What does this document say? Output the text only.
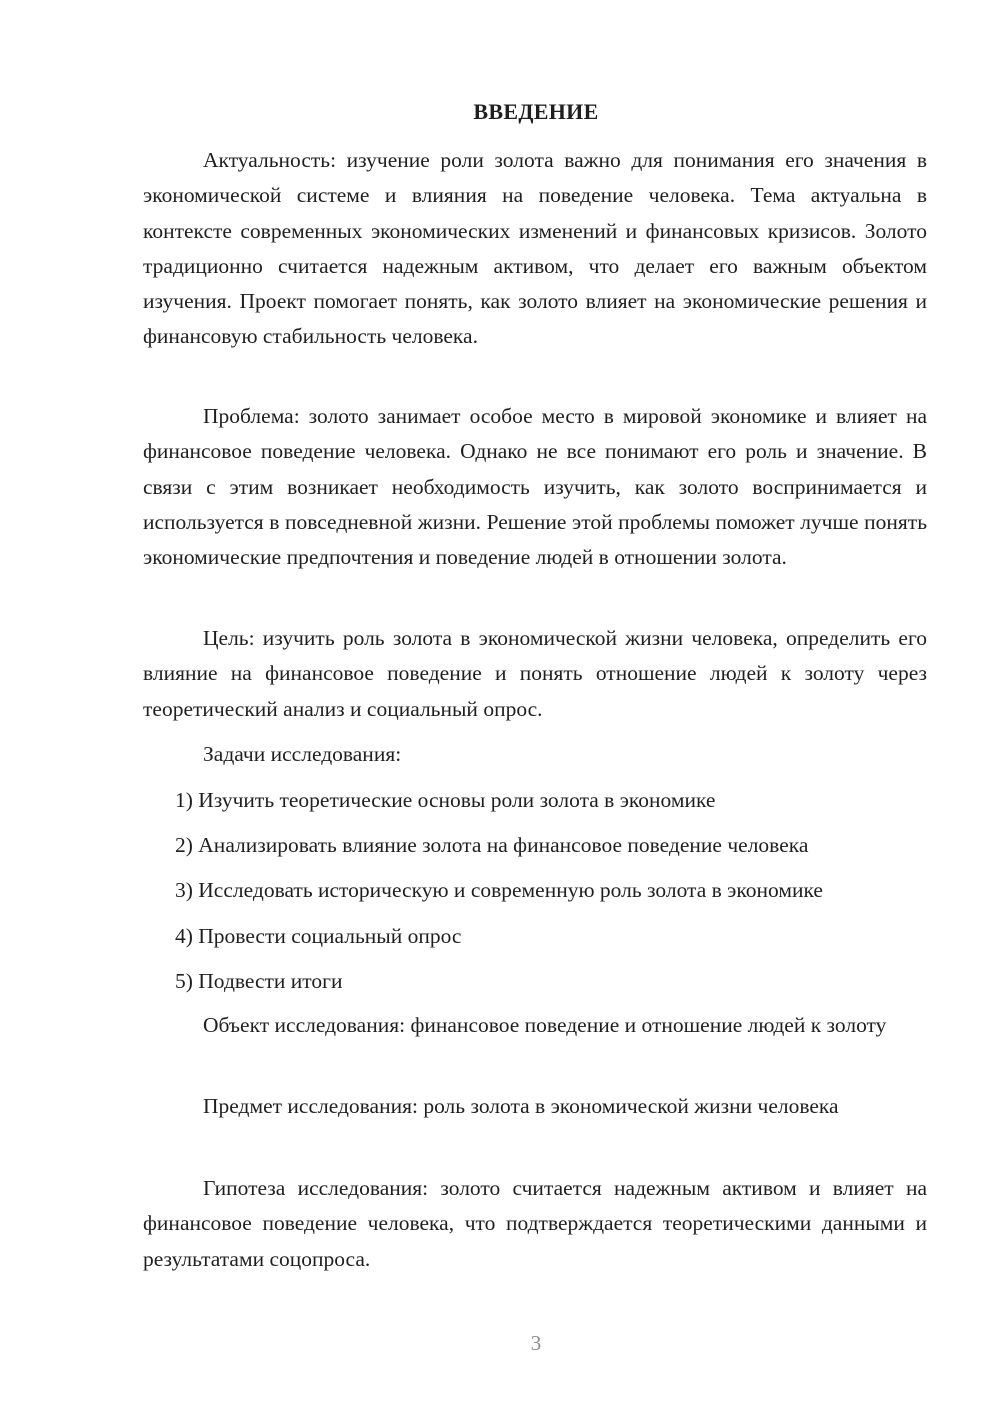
ВВЕДЕНИЕ

Актуальность: изучение роли золота важно для понимания его значения в экономической системе и влияния на поведение человека. Тема актуальна в контексте современных экономических изменений и финансовых кризисов. Золото традиционно считается надежным активом, что делает его важным объектом изучения. Проект помогает понять, как золото влияет на экономические решения и финансовую стабильность человека.

Проблема: золото занимает особое место в мировой экономике и влияет на финансовое поведение человека. Однако не все понимают его роль и значение. В связи с этим возникает необходимость изучить, как золото воспринимается и используется в повседневной жизни. Решение этой проблемы поможет лучше понять экономические предпочтения и поведение людей в отношении золота.

Цель: изучить роль золота в экономической жизни человека, определить его влияние на финансовое поведение и понять отношение людей к золоту через теоретический анализ и социальный опрос.

Задачи исследования:

1) Изучить теоретические основы роли золота в экономике
2) Анализировать влияние золота на финансовое поведение человека
3) Исследовать историческую и современную роль золота в экономике
4) Провести социальный опрос
5) Подвести итоги

Объект исследования: финансовое поведение и отношение людей к золоту

Предмет исследования: роль золота в экономической жизни человека

Гипотеза исследования: золото считается надежным активом и влияет на финансовое поведение человека, что подтверждается теоретическими данными и результатами соцопроса.

3
